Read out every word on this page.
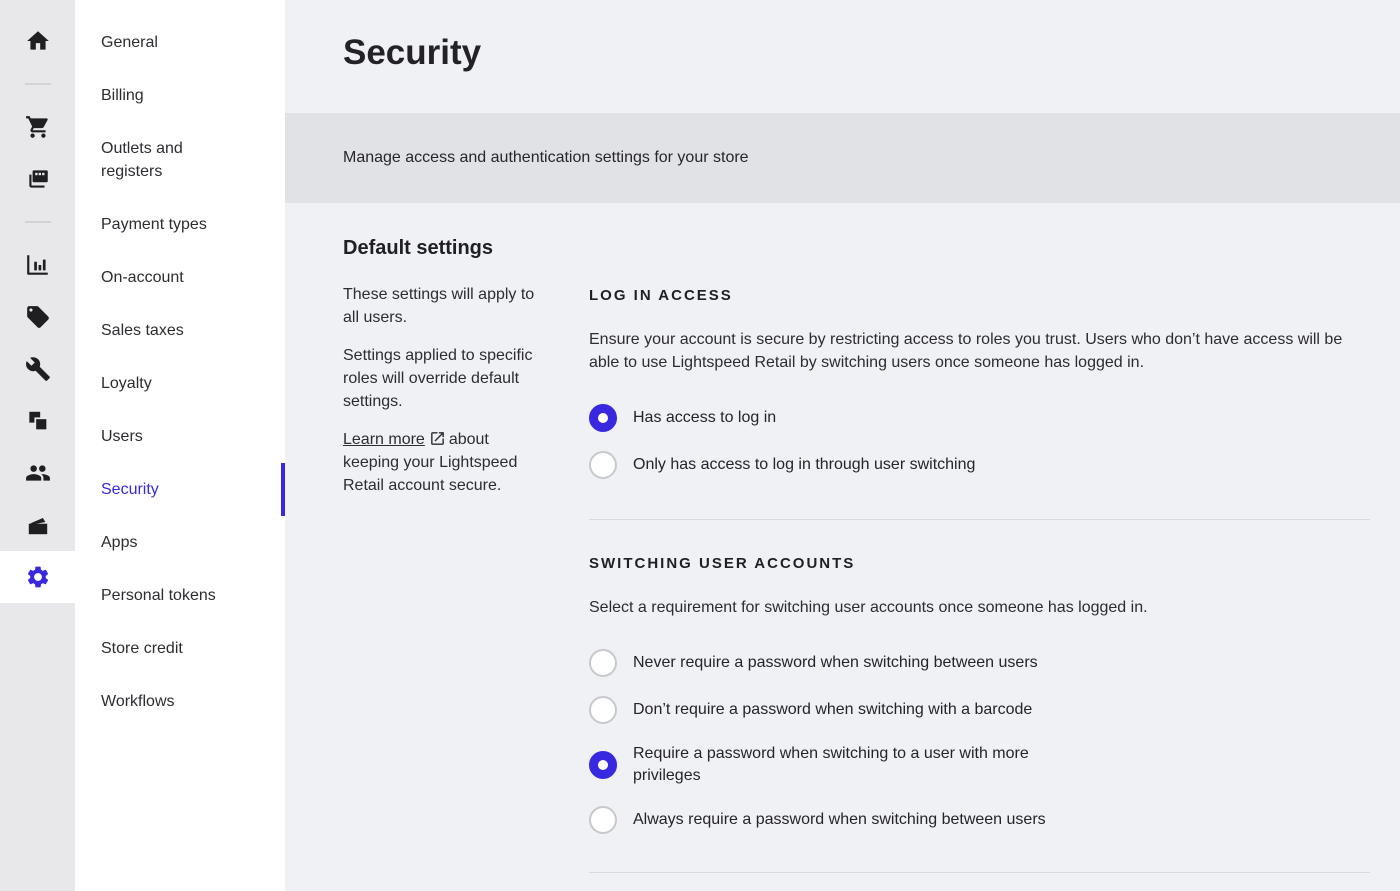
General
Billing
Outlets and registers
Payment types
On-account
Sales taxes
Loyalty
Users
Security
Apps
Personal tokens
Store credit
Workflows
Security

Manage access and authentication settings for your store

Default settings

These settings will apply to all users.

Settings applied to specific roles will override default settings.

Learn more about keeping your Lightspeed Retail account secure.

LOG IN ACCESS

Ensure your account is secure by restricting access to roles you trust. Users who don’t have access will be able to use Lightspeed Retail by switching users once someone has logged in.

Has access to log in
Only has access to log in through user switching
SWITCHING USER ACCOUNTS

Select a requirement for switching user accounts once someone has logged in.

Never require a password when switching between users
Don’t require a password when switching with a barcode
Require a password when switching to a user with more privileges
Always require a password when switching between users
